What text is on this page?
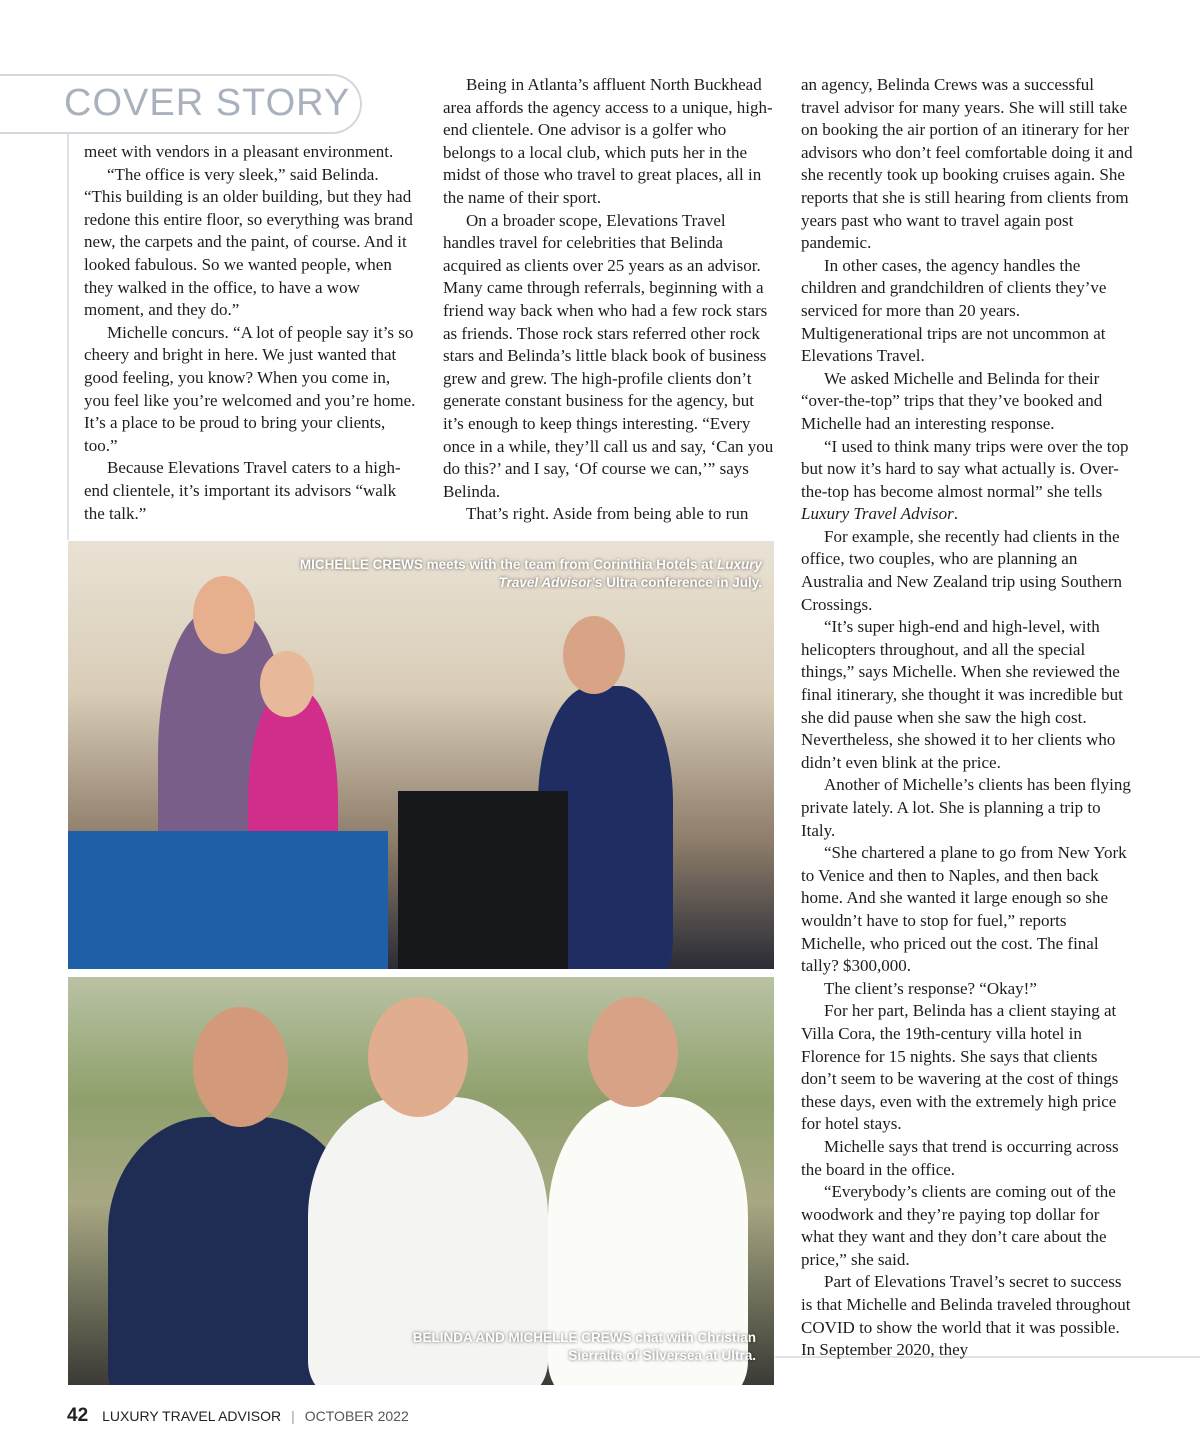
COVER STORY

meet with vendors in a pleasant environment.

“The office is very sleek,” said Belinda. “This building is an older building, but they had redone this entire floor, so everything was brand new, the carpets and the paint, of course. And it looked fabulous. So we wanted people, when they walked in the office, to have a wow moment, and they do.”

Michelle concurs. “A lot of people say it’s so cheery and bright in here. We just wanted that good feeling, you know? When you come in, you feel like you’re welcomed and you’re home. It’s a place to be proud to bring your clients, too.”

Because Elevations Travel caters to a high-end clientele, it’s important its advisors “walk the talk.”

Being in Atlanta’s affluent North Buckhead area affords the agency access to a unique, high-end clientele. One advisor is a golfer who belongs to a local club, which puts her in the midst of those who travel to great places, all in the name of their sport.

On a broader scope, Elevations Travel handles travel for celebrities that Belinda acquired as clients over 25 years as an advisor. Many came through referrals, beginning with a friend way back when who had a few rock stars as friends. Those rock stars referred other rock stars and Belinda’s little black book of business grew and grew. The high-profile clients don’t generate constant business for the agency, but it’s enough to keep things interesting. “Every once in a while, they’ll call us and say, ‘Can you do this?’ and I say, ‘Of course we can,’” says Belinda.

That’s right. Aside from being able to run

an agency, Belinda Crews was a successful travel advisor for many years. She will still take on booking the air portion of an itinerary for her advisors who don’t feel comfortable doing it and she recently took up booking cruises again. She reports that she is still hearing from clients from years past who want to travel again post pandemic.

In other cases, the agency handles the children and grandchildren of clients they’ve serviced for more than 20 years. Multigenerational trips are not uncommon at Elevations Travel.

We asked Michelle and Belinda for their “over-the-top” trips that they’ve booked and Michelle had an interesting response.

“I used to think many trips were over the top but now it’s hard to say what actually is. Over-the-top has become almost normal” she tells Luxury Travel Advisor.

For example, she recently had clients in the office, two couples, who are planning an Australia and New Zealand trip using Southern Crossings.

“It’s super high-end and high-level, with helicopters throughout, and all the special things,” says Michelle. When she reviewed the final itinerary, she thought it was incredible but she did pause when she saw the high cost. Nevertheless, she showed it to her clients who didn’t even blink at the price.

Another of Michelle’s clients has been flying private lately. A lot. She is planning a trip to Italy.

“She chartered a plane to go from New York to Venice and then to Naples, and then back home. And she wanted it large enough so she wouldn’t have to stop for fuel,” reports Michelle, who priced out the cost. The final tally? $300,000.

The client’s response? “Okay!”

For her part, Belinda has a client staying at Villa Cora, the 19th-century villa hotel in Florence for 15 nights. She says that clients don’t seem to be wavering at the cost of things these days, even with the extremely high price for hotel stays.

Michelle says that trend is occurring across the board in the office.

“Everybody’s clients are coming out of the woodwork and they’re paying top dollar for what they want and they don’t care about the price,” she said.

Part of Elevations Travel’s secret to success is that Michelle and Belinda traveled throughout COVID to show the world that it was possible. In September 2020, they

MICHELLE CREWS meets with the team from Corinthia Hotels at Luxury Travel Advisor’s Ultra conference in July.
BELINDA AND MICHELLE CREWS chat with Christian Sierralta of Silversea at Ultra.
42 LUXURY TRAVEL ADVISOR | OCTOBER 2022
